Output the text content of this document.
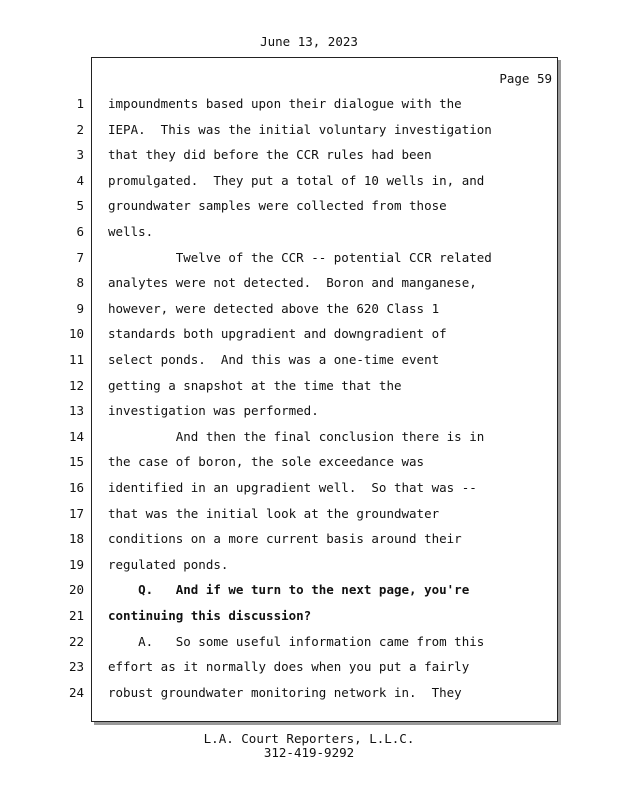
June 13, 2023
Page 59
1 impoundments based upon their dialogue with the
2 IEPA.  This was the initial voluntary investigation
3 that they did before the CCR rules had been
4 promulgated.  They put a total of 10 wells in, and
5 groundwater samples were collected from those
6 wells.
7 Twelve of the CCR -- potential CCR related
8 analytes were not detected.  Boron and manganese,
9 however, were detected above the 620 Class 1
10 standards both upgradient and downgradient of
11 select ponds.  And this was a one-time event
12 getting a snapshot at the time that the
13 investigation was performed.
14 And then the final conclusion there is in
15 the case of boron, the sole exceedance was
16 identified in an upgradient well.  So that was --
17 that was the initial look at the groundwater
18 conditions on a more current basis around their
19 regulated ponds.
20 Q.   And if we turn to the next page, you're
21 continuing this discussion?
22 A.   So some useful information came from this
23 effort as it normally does when you put a fairly
24 robust groundwater monitoring network in.  They
L.A. Court Reporters, L.L.C.
312-419-9292
